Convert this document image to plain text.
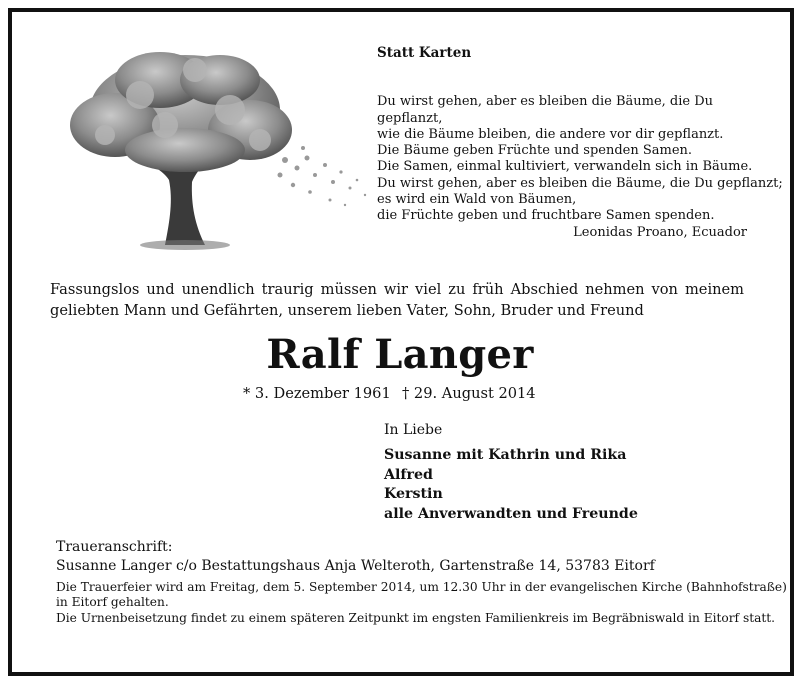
Statt Karten
Du wirst gehen, aber es bleiben die Bäume, die Du
gepflanzt,
wie die Bäume bleiben, die andere vor dir gepflanzt.
Die Bäume geben Früchte und spenden Samen.
Die Samen, einmal kultiviert, verwandeln sich in Bäume.
Du wirst gehen, aber es bleiben die Bäume, die Du gepflanzt;
es wird ein Wald von Bäumen,
die Früchte geben und fruchtbare Samen spenden.
Leonidas Proano, Ecuador
Fassungslos und unendlich traurig müssen wir viel zu früh Abschied nehmen von meinem geliebten Mann und Gefährten, unserem lieben Vater, Sohn, Bruder und Freund
Ralf Langer
* 3. Dezember 1961 † 29. August 2014
In Liebe
Susanne mit Kathrin und Rika
Alfred
Kerstin
alle Anverwandten und Freunde
Traueranschrift:
Susanne Langer c/o Bestattungshaus Anja Welteroth, Gartenstraße 14, 53783 Eitorf
Die Trauerfeier wird am Freitag, dem 5. September 2014, um 12.30 Uhr in der evangelischen Kirche (Bahnhofstraße)
in Eitorf gehalten.
Die Urnenbeisetzung findet zu einem späteren Zeitpunkt im engsten Familienkreis im Begräbniswald in Eitorf statt.
